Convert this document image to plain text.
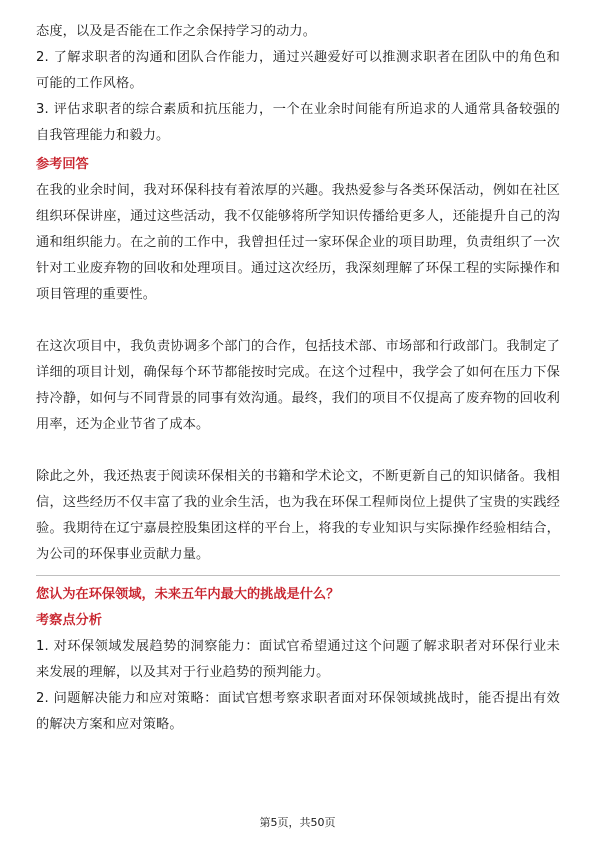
态度，以及是否能在工作之余保持学习的动力。

2. 了解求职者的沟通和团队合作能力，通过兴趣爱好可以推测求职者在团队中的角色和可能的工作风格。

3. 评估求职者的综合素质和抗压能力，一个在业余时间能有所追求的人通常具备较强的自我管理能力和毅力。

参考回答

在我的业余时间，我对环保科技有着浓厚的兴趣。我热爱参与各类环保活动，例如在社区组织环保讲座，通过这些活动，我不仅能够将所学知识传播给更多人，还能提升自己的沟通和组织能力。在之前的工作中，我曾担任过一家环保企业的项目助理，负责组织了一次针对工业废弃物的回收和处理项目。通过这次经历，我深刻理解了环保工程的实际操作和项目管理的重要性。

在这次项目中，我负责协调多个部门的合作，包括技术部、市场部和行政部门。我制定了详细的项目计划，确保每个环节都能按时完成。在这个过程中，我学会了如何在压力下保持冷静，如何与不同背景的同事有效沟通。最终，我们的项目不仅提高了废弃物的回收利用率，还为企业节省了成本。

除此之外，我还热衷于阅读环保相关的书籍和学术论文，不断更新自己的知识储备。我相信，这些经历不仅丰富了我的业余生活，也为我在环保工程师岗位上提供了宝贵的实践经验。我期待在辽宁嘉晨控股集团这样的平台上，将我的专业知识与实际操作经验相结合，为公司的环保事业贡献力量。

您认为在环保领域，未来五年内最大的挑战是什么？

考察点分析

1. 对环保领域发展趋势的洞察能力：面试官希望通过这个问题了解求职者对环保行业未来发展的理解，以及其对于行业趋势的预判能力。

2. 问题解决能力和应对策略：面试官想考察求职者面对环保领域挑战时，能否提出有效的解决方案和应对策略。

第5页，共50页
